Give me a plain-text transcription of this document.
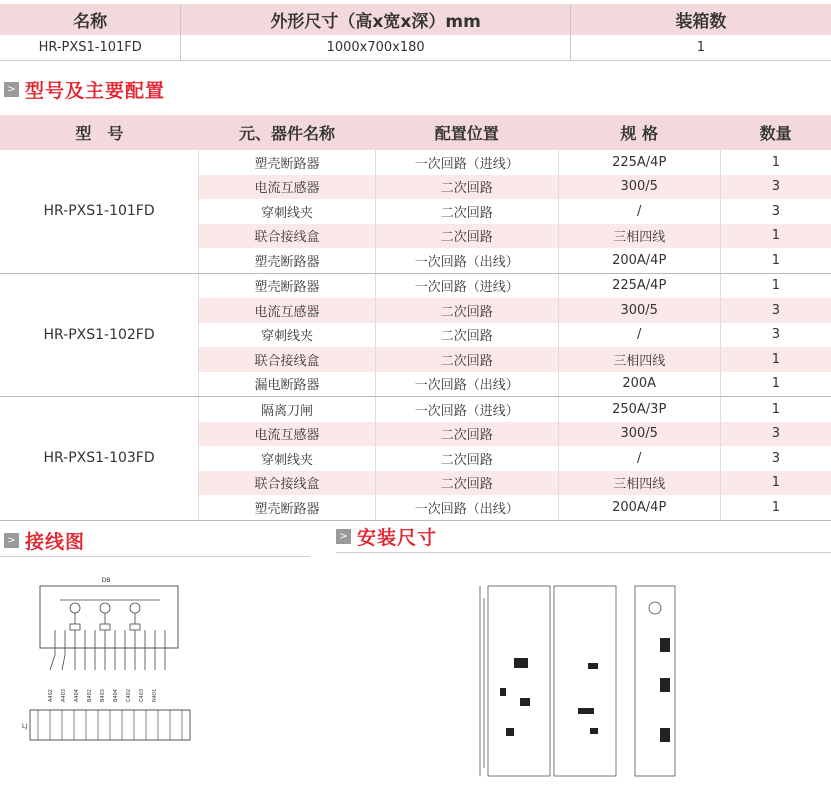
名称	外形尺寸（高x宽x深）mm	装箱数
HR-PXS1-101FD	1000x700x180	1
> 型号及主要配置
型　号	元、器件名称	配置位置	规 格	数量
HR-PXS1-101FD	塑壳断路器	一次回路（进线）	225A/4P	1
	电流互感器	二次回路	300/5	3
	穿刺线夹	二次回路	/	3
	联合接线盒	二次回路	三相四线	1
	塑壳断路器	一次回路（出线）	200A/4P	1
HR-PXS1-102FD	塑壳断路器	一次回路（进线）	225A/4P	1
	电流互感器	二次回路	300/5	3
	穿刺线夹	二次回路	/	3
	联合接线盒	二次回路	三相四线	1
	漏电断路器	一次回路（出线）	200A	1
HR-PXS1-103FD	隔离刀闸	一次回路（进线）	250A/3P	1
	电流互感器	二次回路	300/5	3
	穿刺线夹	二次回路	/	3
	联合接线盒	二次回路	三相四线	1
	塑壳断路器	一次回路（出线）	200A/4P	1
> 接线图	> 安装尺寸
DB
A402 A403 A404 B402 B403 B404 C402 C403 N401
LJ
